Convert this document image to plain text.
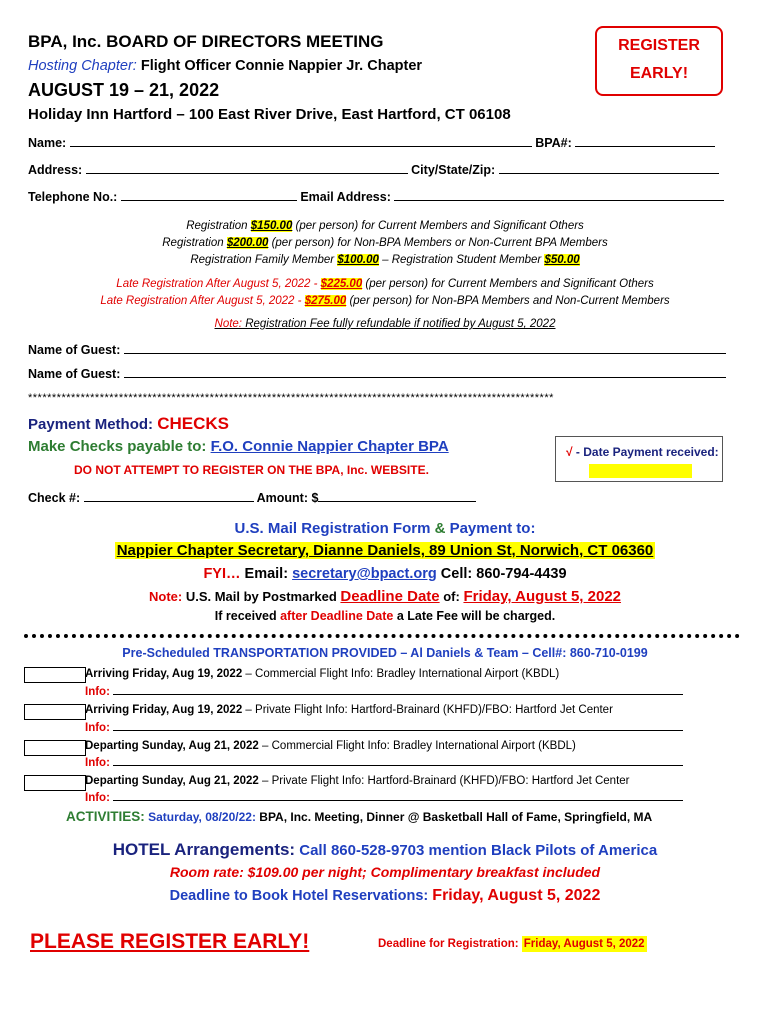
BPA, Inc. BOARD OF DIRECTORS MEETING
Hosting Chapter: Flight Officer Connie Nappier Jr. Chapter
AUGUST 19 – 21, 2022
Holiday Inn Hartford – 100 East River Drive, East Hartford, CT 06108
REGISTER
EARLY!
Name:	BPA#:
Address:	City/State/Zip:
Telephone No.:	Email Address:
Registration $150.00 (per person) for Current Members and Significant Others
Registration $200.00 (per person) for Non-BPA Members or Non-Current BPA Members
Registration Family Member $100.00 – Registration Student Member $50.00
Late Registration After August 5, 2022 - $225.00 (per person) for Current Members and Significant Others
Late Registration After August 5, 2022 - $275.00 (per person) for Non-BPA Members and Non-Current Members
Note: Registration Fee fully refundable if notified by August 5, 2022
Name of Guest:
Name of Guest:
**************************************************************************************************************
Payment Method: CHECKS
Make Checks payable to: F.O. Connie Nappier Chapter BPA
DO NOT ATTEMPT TO REGISTER ON THE BPA, Inc. WEBSITE.
√ - Date Payment received:
Check #:	Amount: $
U.S. Mail Registration Form & Payment to:
Nappier Chapter Secretary, Dianne Daniels, 89 Union St, Norwich, CT 06360
FYI… Email: secretary@bpact.org Cell: 860-794-4439
Note: U.S. Mail by Postmarked Deadline Date of: Friday, August 5, 2022
If received after Deadline Date a Late Fee will be charged.
Pre-Scheduled TRANSPORTATION PROVIDED – Al Daniels & Team – Cell#: 860-710-0199
Arriving Friday, Aug 19, 2022 – Commercial Flight Info: Bradley International Airport (KBDL)
Info:
Arriving Friday, Aug 19, 2022 – Private Flight Info: Hartford-Brainard (KHFD)/FBO: Hartford Jet Center
Info:
Departing Sunday, Aug 21, 2022 – Commercial Flight Info: Bradley International Airport (KBDL)
Info:
Departing Sunday, Aug 21, 2022 – Private Flight Info: Hartford-Brainard (KHFD)/FBO: Hartford Jet Center
Info:
ACTIVITIES: Saturday, 08/20/22: BPA, Inc. Meeting, Dinner @ Basketball Hall of Fame, Springfield, MA
HOTEL Arrangements: Call 860-528-9703 mention Black Pilots of America
Room rate: $109.00 per night; Complimentary breakfast included
Deadline to Book Hotel Reservations: Friday, August 5, 2022
PLEASE REGISTER EARLY!	Deadline for Registration: Friday, August 5, 2022
